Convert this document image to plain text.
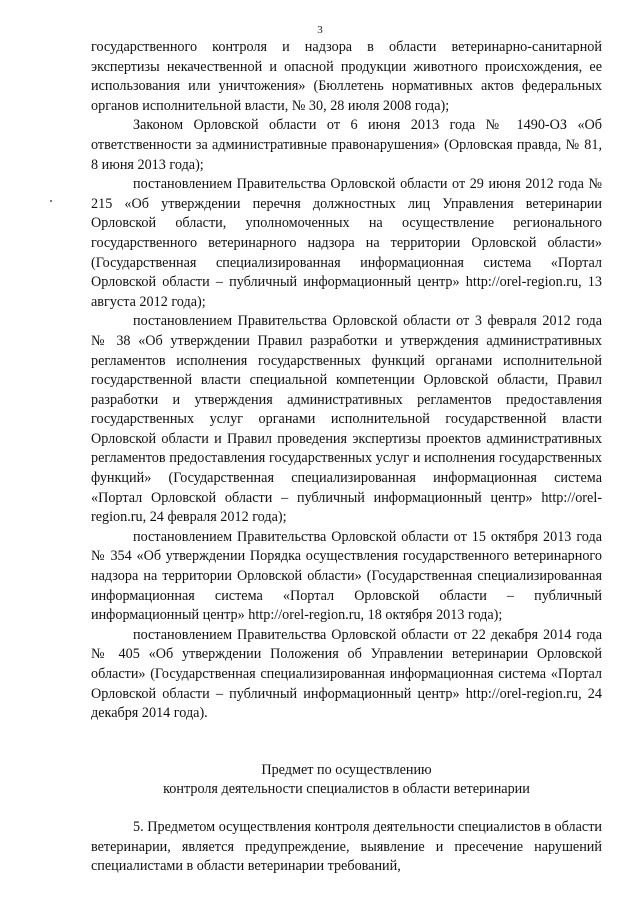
3

государственного контроля и надзора в области ветеринарно-санитарной экспертизы некачественной и опасной продукции животного происхождения, ее использования или уничтожения» (Бюллетень нормативных актов федеральных органов исполнительной власти, № 30, 28 июля 2008 года);

Законом Орловской области от 6 июня 2013 года № 1490-ОЗ «Об ответственности за административные правонарушения» (Орловская правда, № 81, 8 июня 2013 года);

постановлением Правительства Орловской области от 29 июня 2012 года № 215 «Об утверждении перечня должностных лиц Управления ветеринарии Орловской области, уполномоченных на осуществление регионального государственного ветеринарного надзора на территории Орловской области» (Государственная специализированная информационная система «Портал Орловской области – публичный информационный центр» http://orel-region.ru, 13 августа 2012 года);

постановлением Правительства Орловской области от 3 февраля 2012 года № 38 «Об утверждении Правил разработки и утверждения административных регламентов исполнения государственных функций органами исполнительной государственной власти специальной компетенции Орловской области, Правил разработки и утверждения административных регламентов предоставления государственных услуг органами исполнительной государственной власти Орловской области и Правил проведения экспертизы проектов административных регламентов предоставления государственных услуг и исполнения государственных функций» (Государственная специализированная информационная система «Портал Орловской области – публичный информационный центр» http://orel-region.ru, 24 февраля 2012 года);

постановлением Правительства Орловской области от 15 октября 2013 года № 354 «Об утверждении Порядка осуществления государственного ветеринарного надзора на территории Орловской области» (Государственная специализированная информационная система «Портал Орловской области – публичный информационный центр» http://orel-region.ru, 18 октября 2013 года);

постановлением Правительства Орловской области от 22 декабря 2014 года № 405 «Об утверждении Положения об Управлении ветеринарии Орловской области» (Государственная специализированная информационная система «Портал Орловской области – публичный информационный центр» http://orel-region.ru, 24 декабря 2014 года).

Предмет по осуществлению
контроля деятельности специалистов в области ветеринарии

5. Предметом осуществления контроля деятельности специалистов в области ветеринарии, является предупреждение, выявление и пресечение нарушений специалистами в области ветеринарии требований,
